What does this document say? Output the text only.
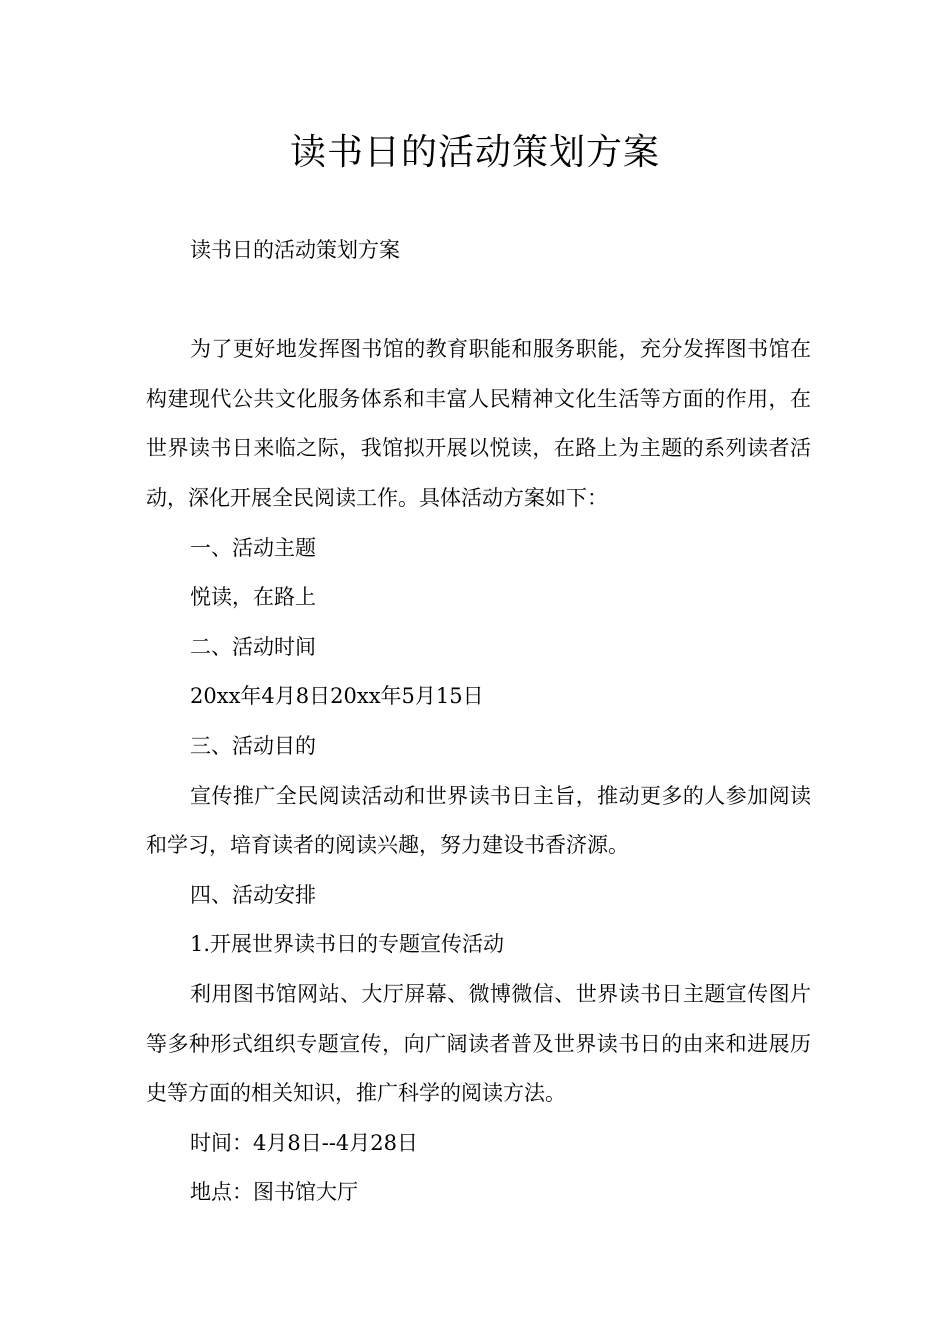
读书日的活动策划方案

读书日的活动策划方案

为了更好地发挥图书馆的教育职能和服务职能，充分发挥图书馆在构建现代公共文化服务体系和丰富人民精神文化生活等方面的作用，在世界读书日来临之际，我馆拟开展以悦读，在路上为主题的系列读者活动，深化开展全民阅读工作。具体活动方案如下：

一、活动主题

悦读，在路上

二、活动时间

20xx年4月8日20xx年5月15日

三、活动目的

宣传推广全民阅读活动和世界读书日主旨，推动更多的人参加阅读和学习，培育读者的阅读兴趣，努力建设书香济源。

四、活动安排

1.开展世界读书日的专题宣传活动

利用图书馆网站、大厅屏幕、微博微信、世界读书日主题宣传图片等多种形式组织专题宣传，向广阔读者普及世界读书日的由来和进展历史等方面的相关知识，推广科学的阅读方法。

时间：4月8日--4月28日

地点：图书馆大厅
